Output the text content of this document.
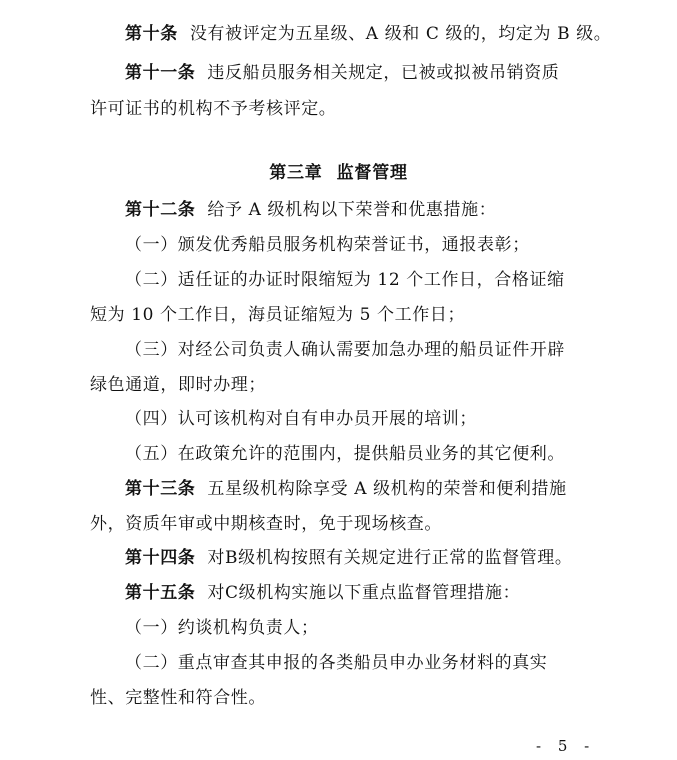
第十条 没有被评定为五星级、A 级和 C 级的，均定为 B 级。
第十一条 违反船员服务相关规定，已被或拟被吊销资质
许可证书的机构不予考核评定。
第三章 监督管理
第十二条 给予 A 级机构以下荣誉和优惠措施：
（一）颁发优秀船员服务机构荣誉证书，通报表彰；
（二）适任证的办证时限缩短为 12 个工作日，合格证缩
短为 10 个工作日，海员证缩短为 5 个工作日；
（三）对经公司负责人确认需要加急办理的船员证件开辟
绿色通道，即时办理；
（四）认可该机构对自有申办员开展的培训；
（五）在政策允许的范围内，提供船员业务的其它便利。
第十三条 五星级机构除享受 A 级机构的荣誉和便利措施
外，资质年审或中期核查时，免于现场核查。
第十四条 对B级机构按照有关规定进行正常的监督管理。
第十五条 对C级机构实施以下重点监督管理措施：
（一）约谈机构负责人；
（二）重点审查其申报的各类船员申办业务材料的真实
性、完整性和符合性。
- 5 -
